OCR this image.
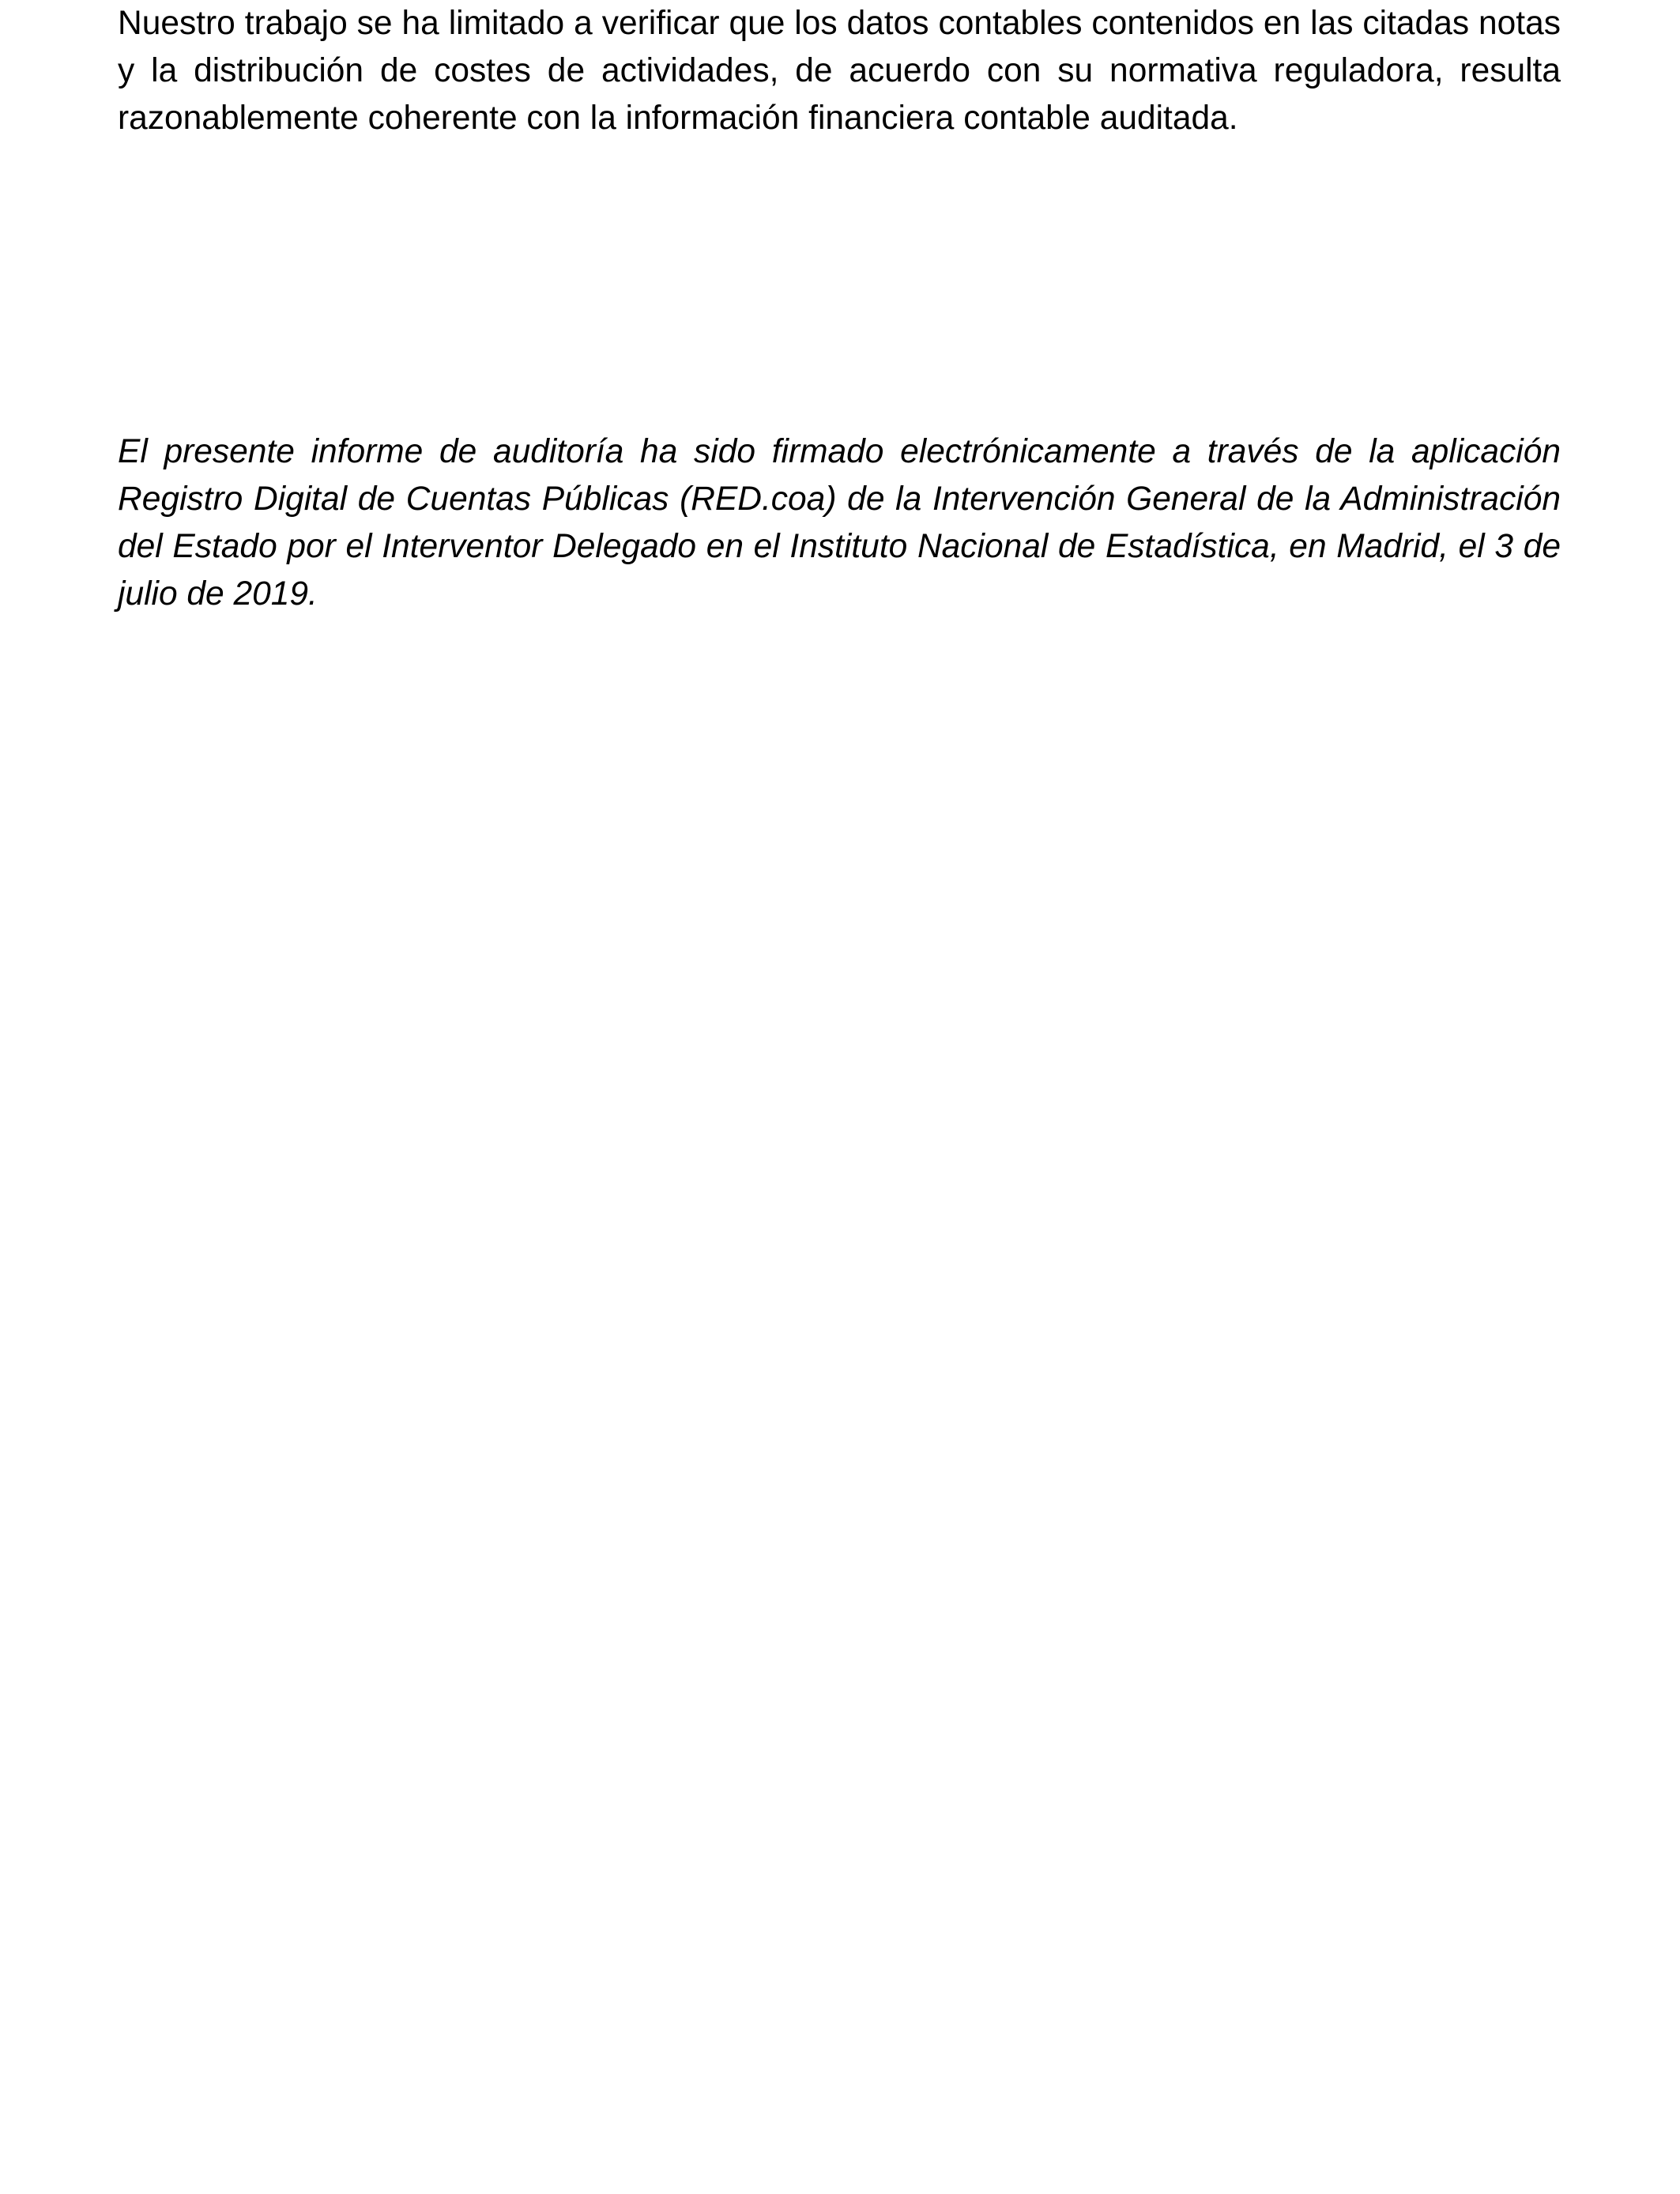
Nuestro trabajo se ha limitado a verificar que los datos contables contenidos en las citadas notas y la distribución de costes de actividades, de acuerdo con su normativa reguladora, resulta razonablemente coherente con la información financiera contable auditada.

El presente informe de auditoría ha sido firmado electrónicamente a través de la aplicación Registro Digital de Cuentas Públicas (RED.coa) de la Intervención General de la Administración del Estado por el Interventor Delegado en el Instituto Nacional de Estadística, en Madrid, el 3 de julio de 2019.
